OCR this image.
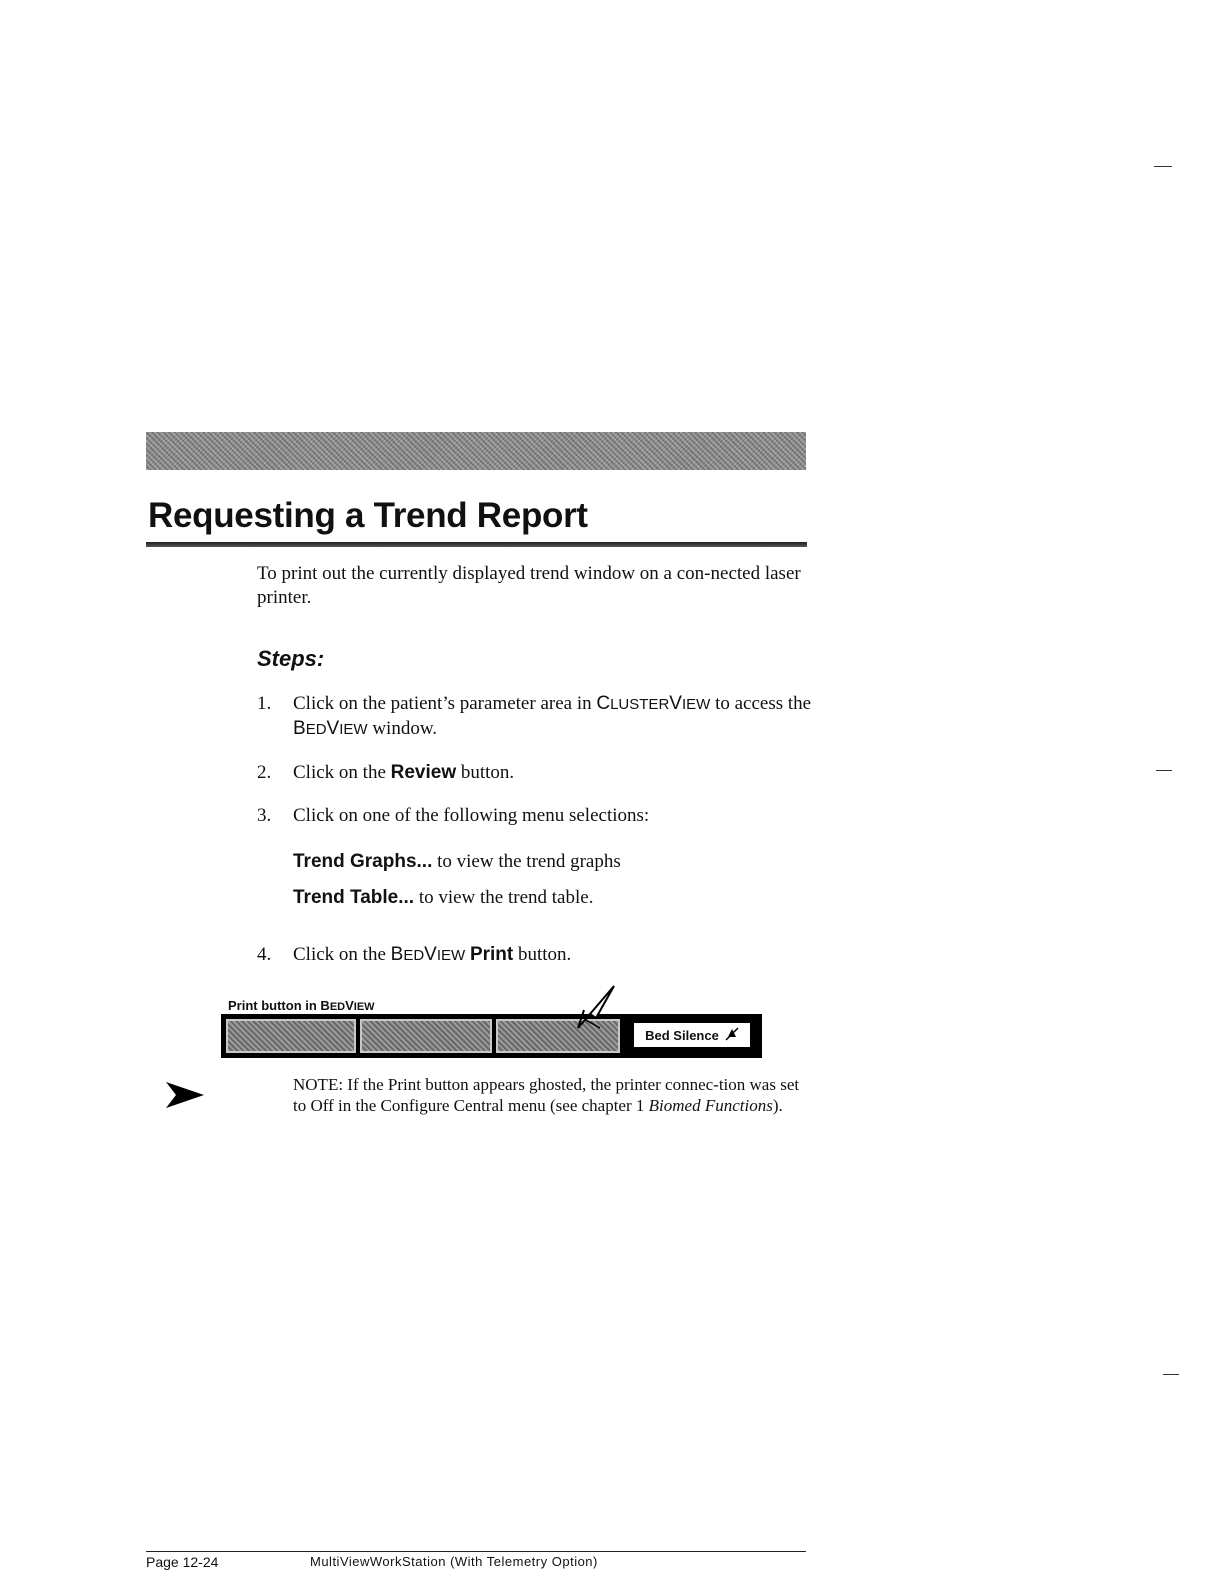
Requesting a Trend Report
To print out the currently displayed trend window on a con-nected laser printer.
Steps:
1. Click on the patient’s parameter area in CLUSTERVIEW to access the BEDVIEW window.
2. Click on the Review button.
3. Click on one of the following menu selections:
Trend Graphs... to view the trend graphs
Trend Table... to view the trend table.
4. Click on the BEDVIEW Print button.
Print button in BEDVIEW
Bed Silence
NOTE: If the Print button appears ghosted, the printer connec-tion was set to Off in the Configure Central menu (see chapter 1 Biomed Functions).
Page 12-24	MultiViewWorkStation (With Telemetry Option)
